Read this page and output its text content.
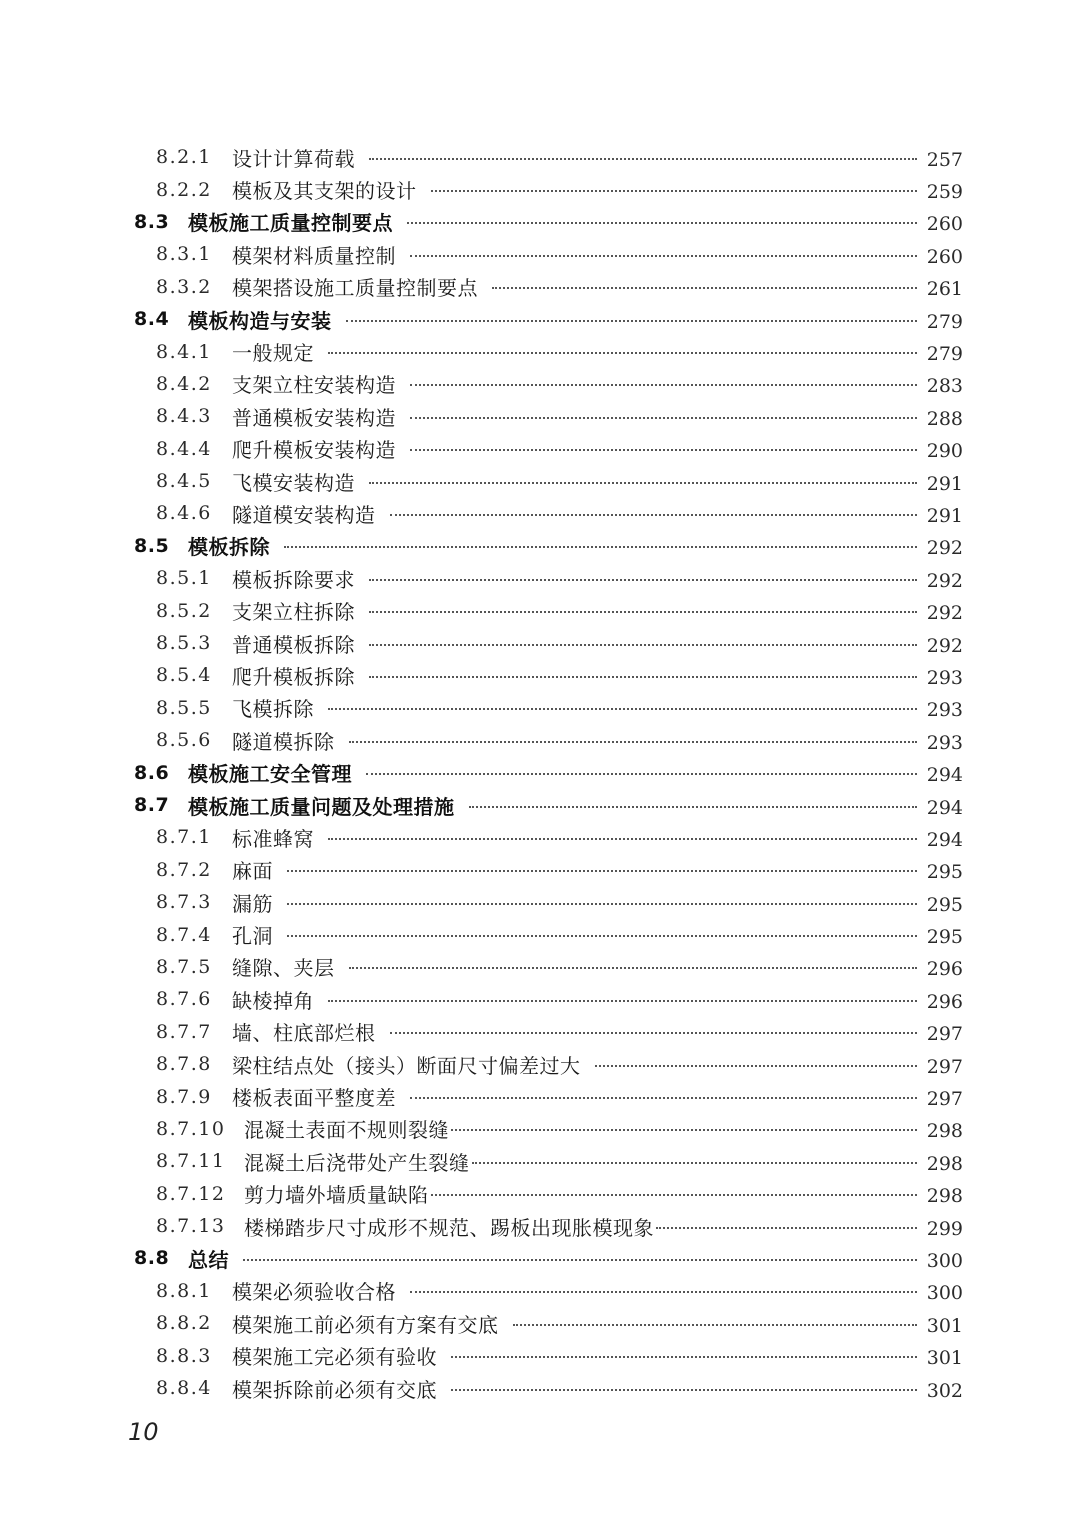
8.2.1 设计计算荷载	257
8.2.2 模板及其支架的设计	259
8.3 模板施工质量控制要点	260
8.3.1 模架材料质量控制	260
8.3.2 模架搭设施工质量控制要点	261
8.4 模板构造与安装	279
8.4.1 一般规定	279
8.4.2 支架立柱安装构造	283
8.4.3 普通模板安装构造	288
8.4.4 爬升模板安装构造	290
8.4.5 飞模安装构造	291
8.4.6 隧道模安装构造	291
8.5 模板拆除	292
8.5.1 模板拆除要求	292
8.5.2 支架立柱拆除	292
8.5.3 普通模板拆除	292
8.5.4 爬升模板拆除	293
8.5.5 飞模拆除	293
8.5.6 隧道模拆除	293
8.6 模板施工安全管理	294
8.7 模板施工质量问题及处理措施	294
8.7.1 标准蜂窝	294
8.7.2 麻面	295
8.7.3 漏筋	295
8.7.4 孔洞	295
8.7.5 缝隙、夹层	296
8.7.6 缺棱掉角	296
8.7.7 墙、柱底部烂根	297
8.7.8 梁柱结点处（接头）断面尺寸偏差过大	297
8.7.9 楼板表面平整度差	297
8.7.10 混凝土表面不规则裂缝	298
8.7.11 混凝土后浇带处产生裂缝	298
8.7.12 剪力墙外墙质量缺陷	298
8.7.13 楼梯踏步尺寸成形不规范、踢板出现胀模现象	299
8.8 总结	300
8.8.1 模架必须验收合格	300
8.8.2 模架施工前必须有方案有交底	301
8.8.3 模架施工完必须有验收	301
8.8.4 模架拆除前必须有交底	302
10
